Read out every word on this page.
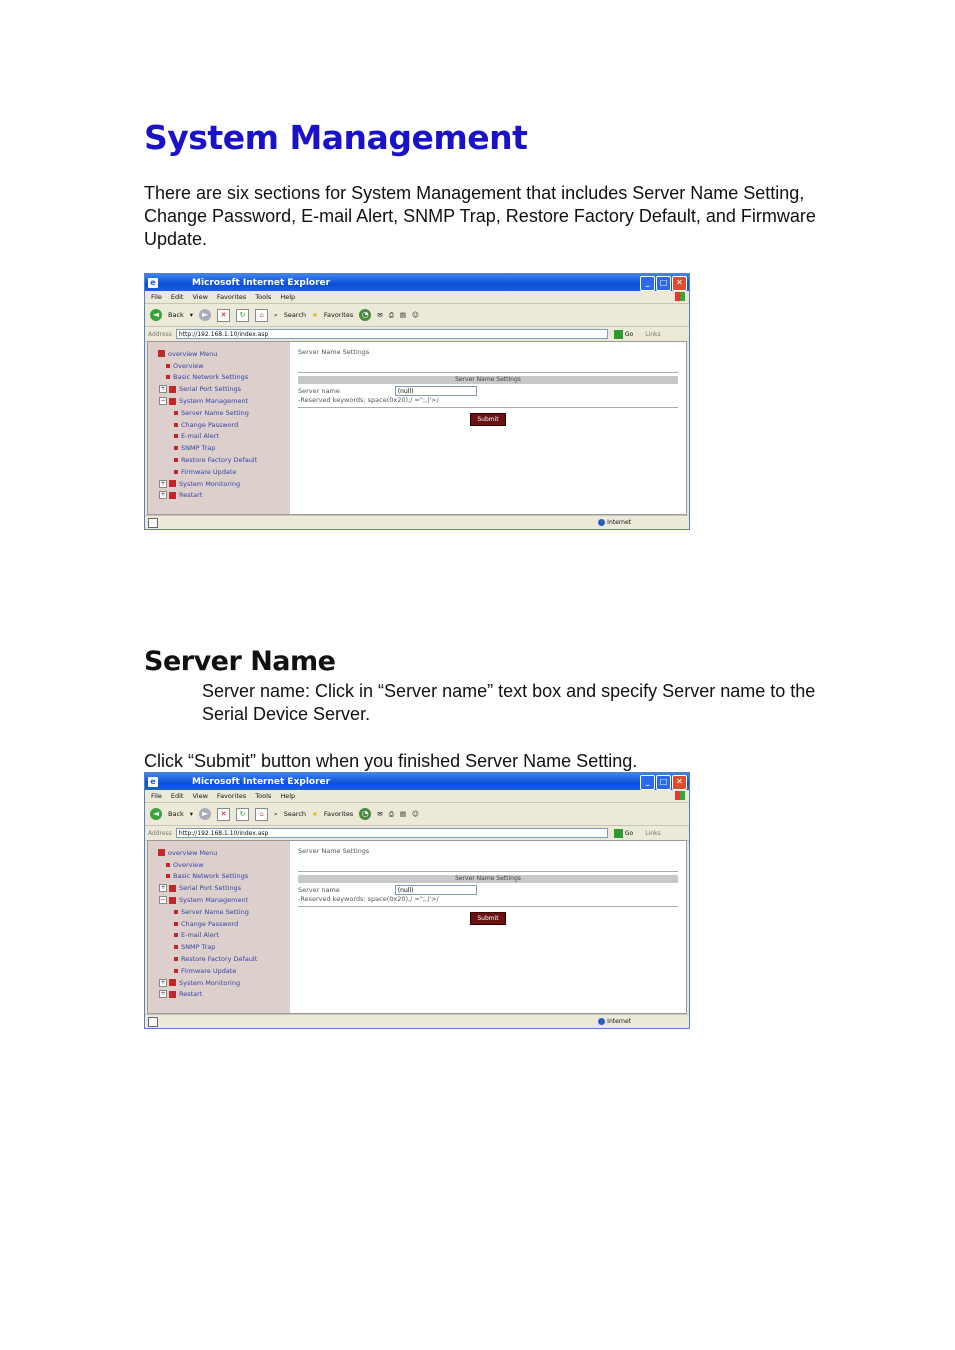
System Management
There are six sections for System Management that includes Server Name Setting, Change Password, E-mail Alert, SNMP Trap, Restore Factory Default, and Firmware Update.
e	Microsoft Internet Explorer	_	□	✕
File Edit View Favorites Tools Help
◄	Back ▾	►	✕	↻	⌂	⌕ Search ★ Favorites	◔	✉ ⎙ ▤ ☺
Address	http://192.168.1.10/index.asp	Go Links
overview Menu
Overview
Basic Network Settings
+ Serial Port Settings
− System Management
Server Name Setting
Change Password
E-mail Alert
SNMP Trap
Restore Factory Default
Firmware Update
+ System Monitoring
+ Restart
Server Name Settings
Server Name Settings
Server name
(null)
-Reserved keywords: space(0x20),/ =";,|'>/
Submit
Internet
Server Name
Server name: Click in “Server name” text box and specify Server name to the Serial Device Server.
Click “Submit” button when you finished Server Name Setting.
e	Microsoft Internet Explorer	_	□	✕
File Edit View Favorites Tools Help
◄	Back ▾	►	✕	↻	⌂	⌕ Search ★ Favorites	◔	✉ ⎙ ▤ ☺
Address	http://192.168.1.10/index.asp	Go Links
overview Menu
Overview
Basic Network Settings
+ Serial Port Settings
− System Management
Server Name Setting
Change Password
E-mail Alert
SNMP Trap
Restore Factory Default
Firmware Update
+ System Monitoring
+ Restart
Server Name Settings
Server Name Settings
Server name
(null)
-Reserved keywords: space(0x20),/ =";,|'>/
Submit
Internet
